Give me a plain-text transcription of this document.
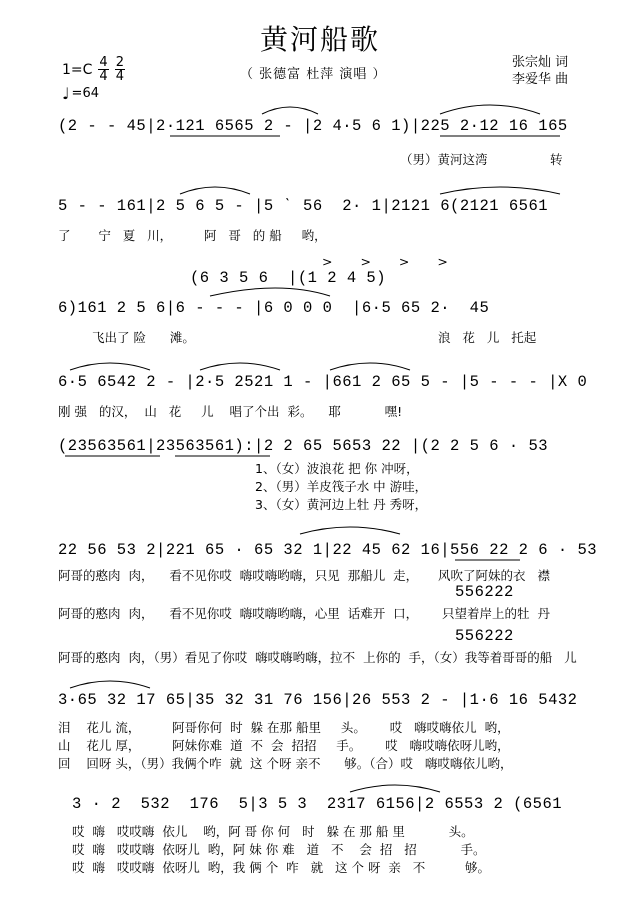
黄河船歌
1=C 4
4
2
4	（ 张德富 杜萍 演唱 ）
张宗灿 词
李爱华 曲
♩ =64
(2 - - 45|2·121 6565 2 - |2 4·5 6 1)|225 2·12 16 165
（男）黄河这湾	转
5 - - 161|2 5 6 5 - |5 ˋ 56  2· 1|2121 6(2121 6561
了       宁   夏   川，        阿   哥   的 船     哟，
(6 3 5 6  |(1 2 4 5)
> > > >
6)161 2 5 6|6 - - - |6 0 0 0  |6·5 65 2·  45
飞出了 险      滩。	浪   花   儿   托起
6·5 6542 2 - |2·5 2521 1 - |661 2 65 5 - |5 - - - |X 0
刚 强   的汉，  山   花     儿    唱了个出  彩。    耶           嘿!
(23563561|23563561):|2 2 65 5653 22 |(2 2 5 6 · 53
1、（女）波浪花 把 你 冲呀，
2、（男）羊皮筏子水 中 游哇，
3、（女）黄河边上牡 丹 秀呀，
22 56 53 2|221 65 · 65 32 1|22 45 62 16|556 22 2 6 · 53
阿哥的憨肉  肉，    看不见你哎  嗨哎嗨哟嗨，只见  那船儿  走，     风吹了阿妹的衣   襟
556222
阿哥的憨肉  肉，    看不见你哎  嗨哎嗨哟嗨，心里  话难开  口，      只望着岸上的牡  丹
556222
阿哥的憨肉  肉，（男）看见了你哎  嗨哎嗨哟嗨，拉不  上你的  手，（女）我等着哥哥的船   儿
3·65 32 17 65|35 32 31 76 156|26 553 2 - |1·6 16 5432
泪    花儿 流，        阿哥你何  时  躲 在那 船里     头。      哎   嗨哎嗨依儿  哟，
山    花儿 厚，        阿妹你难  道  不  会  招招     手。      哎   嗨哎嗨依呀儿哟，
回    回呀 头，（男）我俩个咋  就  这 个呀 亲不      够。（合）哎   嗨哎嗨依儿哟，
3 · 2  532  176  5|3 5 3  2317 6156|2 6553 2 (6561
哎  嗨   哎哎嗨  依儿    哟，阿 哥 你 何   时   躲 在 那 船 里           头。
哎  嗨   哎哎嗨  依呀儿  哟，阿 妹 你 难   道   不    会  招   招           手。
哎  嗨   哎哎嗨  依呀儿  哟，我 俩 个  咋   就   这 个 呀  亲   不          够。
